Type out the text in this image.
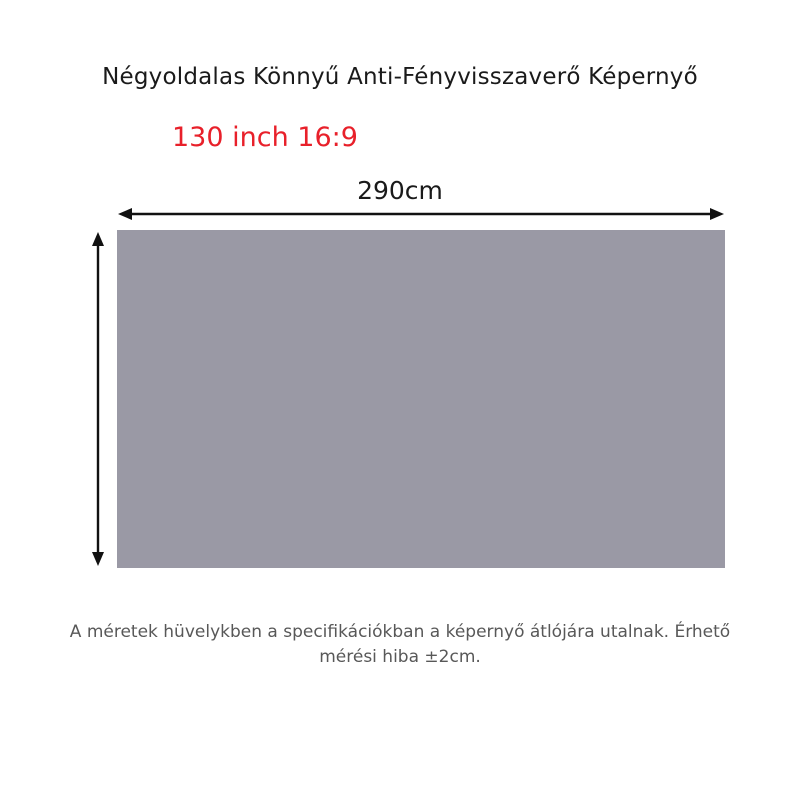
Négyoldalas Könnyű Anti-Fényvisszaverő Képernyő
130 inch 16:9
290cm
A méretek hüvelykben a specifikációkban a képernyő átlójára utalnak. Érhető mérési hiba ±2cm.
